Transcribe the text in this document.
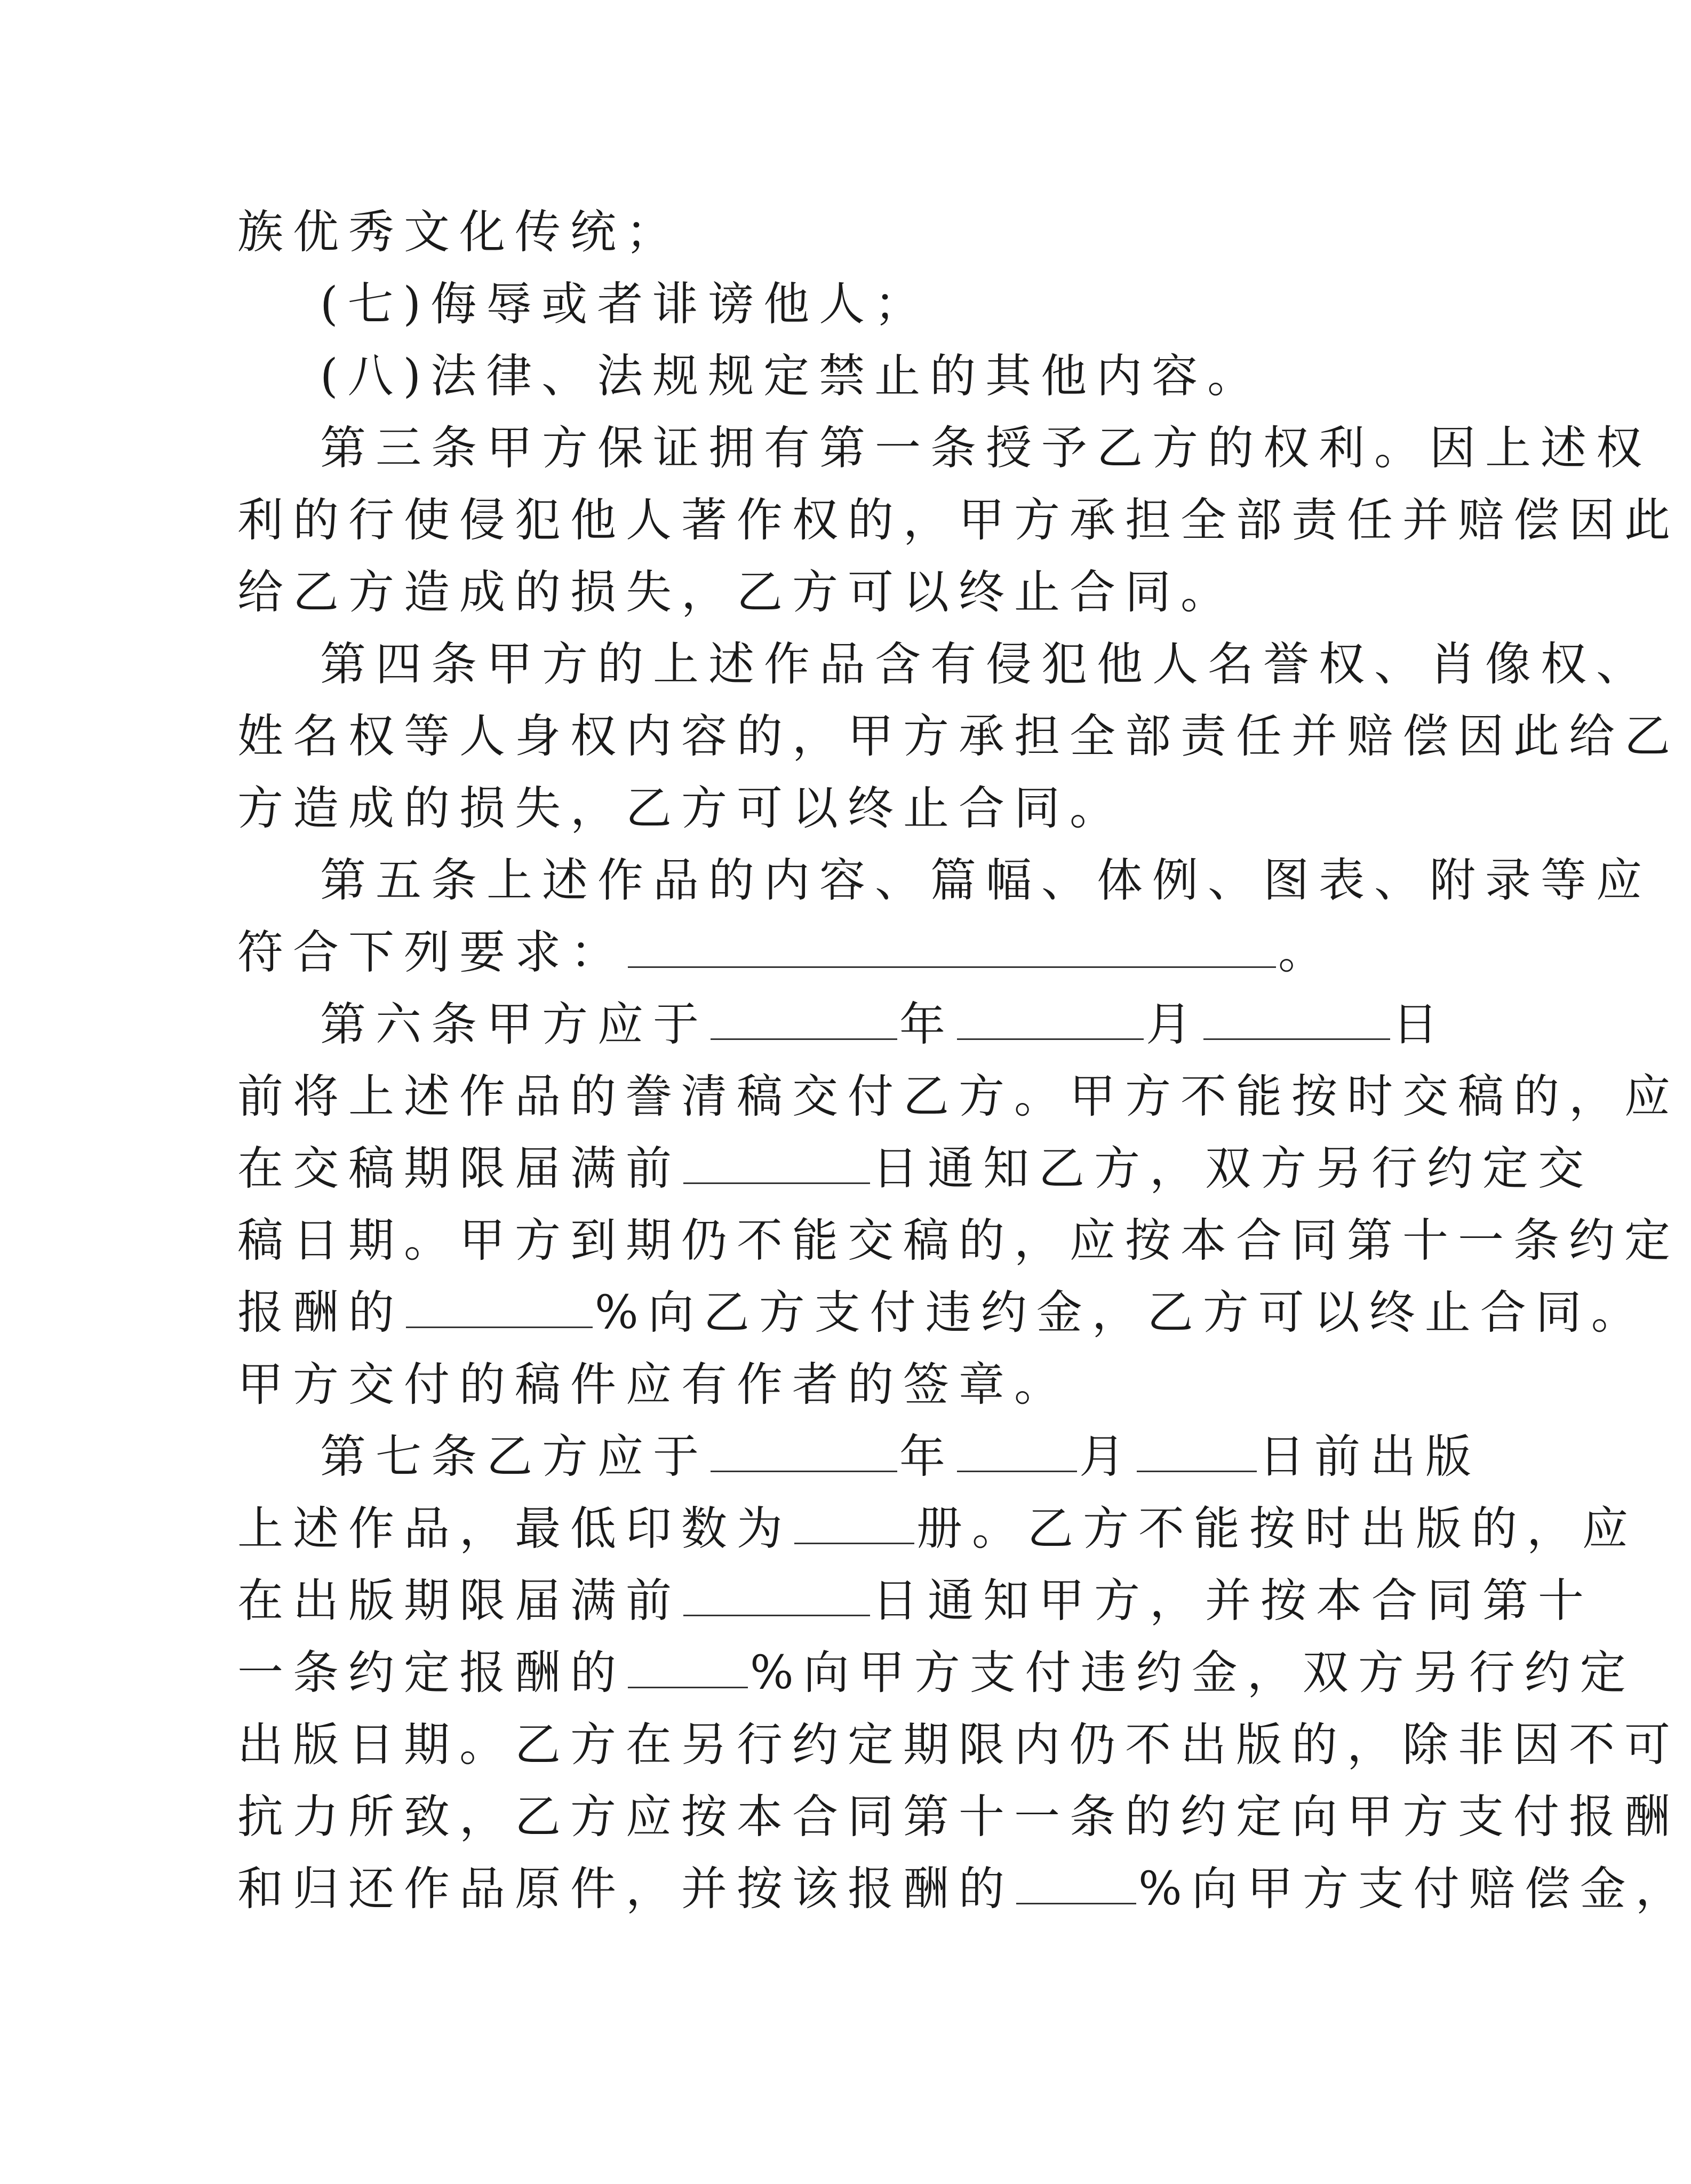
族优秀文化传统；
(七)侮辱或者诽谤他人；
(八)法律、法规规定禁止的其他内容。
第三条甲方保证拥有第一条授予乙方的权利。因上述权
利的行使侵犯他人著作权的，甲方承担全部责任并赔偿因此
给乙方造成的损失，乙方可以终止合同。
第四条甲方的上述作品含有侵犯他人名誉权、肖像权、
姓名权等人身权内容的，甲方承担全部责任并赔偿因此给乙
方造成的损失，乙方可以终止合同。
第五条上述作品的内容、篇幅、体例、图表、附录等应
符合下列要求：	。
第六条甲方应于	年	月	日
前将上述作品的誊清稿交付乙方。甲方不能按时交稿的，应
在交稿期限届满前	日通知乙方，双方另行约定交
稿日期。甲方到期仍不能交稿的，应按本合同第十一条约定
报酬的	%向乙方支付违约金，乙方可以终止合同。
甲方交付的稿件应有作者的签章。
第七条乙方应于	年	月	日前出版
上述作品，最低印数为	册。乙方不能按时出版的，应
在出版期限届满前	日通知甲方，并按本合同第十
一条约定报酬的	%向甲方支付违约金，双方另行约定
出版日期。乙方在另行约定期限内仍不出版的，除非因不可
抗力所致，乙方应按本合同第十一条的约定向甲方支付报酬
和归还作品原件，并按该报酬的	%向甲方支付赔偿金，
